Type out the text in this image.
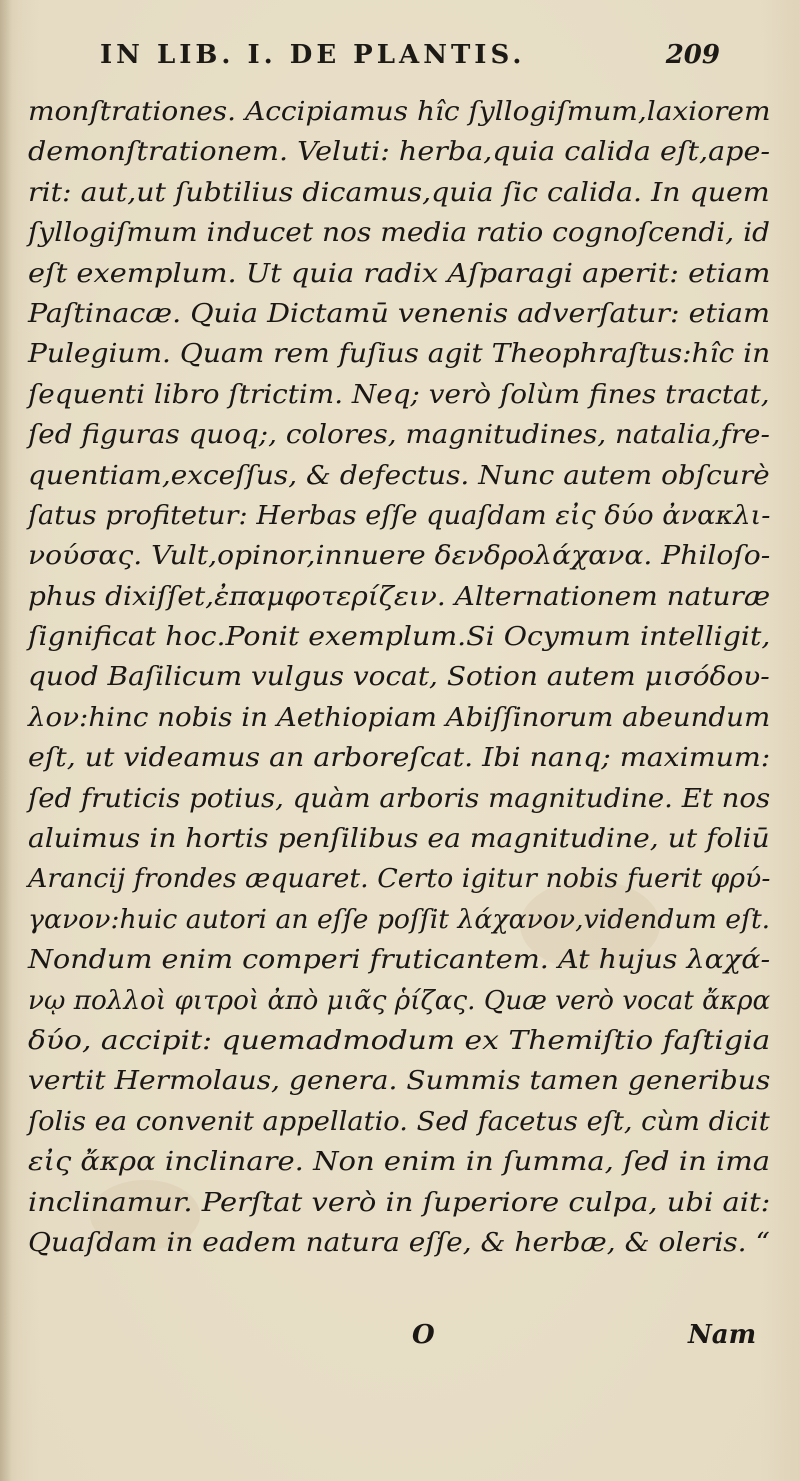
IN LIB. I. DE PLANTIS.	209
monſtrationes. Accipiamus hîc ſyllogiſmum,laxiorem
demonſtrationem. Veluti: herba,quia calida eſt,ape-
rit: aut,ut ſubtilius dicamus,quia ſic calida. In quem
ſyllogiſmum inducet nos media ratio cognoſcendi, id
eſt exemplum. Ut quia radix Aſparagi aperit: etiam
Paſtinacæ. Quia Dictamū venenis adverſatur: etiam
Pulegium. Quam rem fuſius agit Theophraſtus:hîc in
ſequenti libro ſtrictim. Neq; verò ſolùm fines tractat,
ſed figuras quoq;, colores, magnitudines, natalia,fre-
quentiam,exceſſus, & defectus. Nunc autem obſcurè
ſatus profitetur: Herbas eſſe quaſdam εἰς δύο ἀνακλι-
νούσας. Vult,opinor,innuere δενδρολάχανα. Philoſo-
phus dixiſſet,ἐπαμφοτερίζειν. Alternationem naturæ
ſignificat hoc.Ponit exemplum.Si Ocymum intelligit,
quod Baſilicum vulgus vocat, Sotion autem μισόδου-
λον:hinc nobis in Aethiopiam Abiſſinorum abeundum
eſt, ut videamus an arboreſcat. Ibi nanq; maximum:
ſed fruticis potius, quàm arboris magnitudine. Et nos
aluimus in hortis penſilibus ea magnitudine, ut foliū
Arancij frondes æquaret. Certo igitur nobis fuerit φρύ-
γανον:huic autori an eſſe poſſit λάχανον,videndum eſt.
Nondum enim comperi fruticantem. At hujus λαχά-
νῳ πολλοὶ φιτροὶ ἀπὸ μιᾶς ῥίζας. Quæ verò vocat ἄκρα
δύο, accipit: quemadmodum ex Themiſtio faſtigia
vertit Hermolaus, genera. Summis tamen generibus
ſolis ea convenit appellatio. Sed facetus eſt, cùm dicit
εἰς ἄκρα inclinare. Non enim in ſumma, ſed in ima
inclinamur. Perſtat verò in ſuperiore culpa, ubi ait:
Quaſdam in eadem natura eſſe, & herbæ, & oleris. “
O	Nam
